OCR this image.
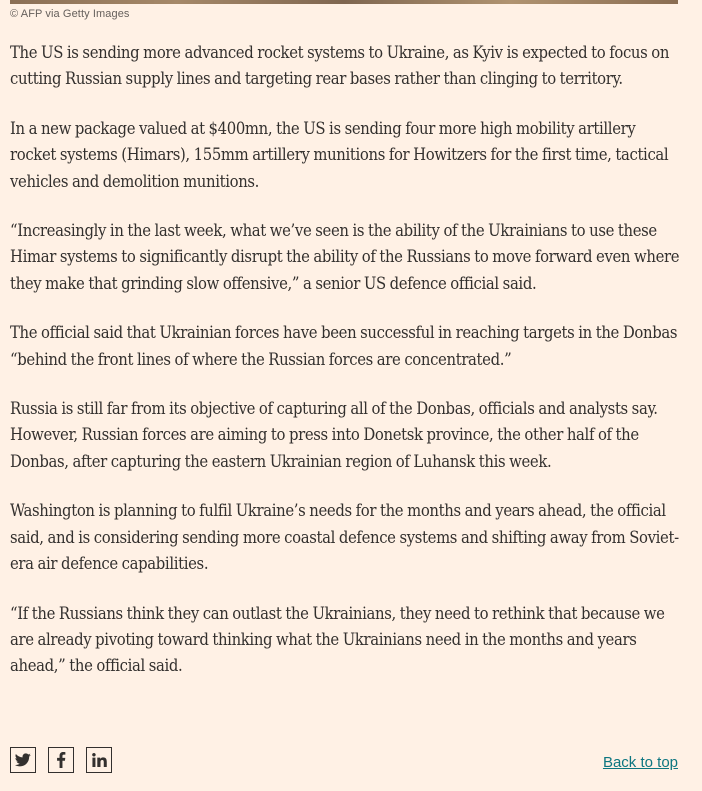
© AFP via Getty Images

The US is sending more advanced rocket systems to Ukraine, as Kyiv is expected to focus on cutting Russian supply lines and targeting rear bases rather than clinging to territory.

In a new package valued at $400mn, the US is sending four more high mobility artillery rocket systems (Himars), 155mm artillery munitions for Howitzers for the first time, tactical vehicles and demolition munitions.

“Increasingly in the last week, what we’ve seen is the ability of the Ukrainians to use these Himar systems to significantly disrupt the ability of the Russians to move forward even where they make that grinding slow offensive,” a senior US defence official said.

The official said that Ukrainian forces have been successful in reaching targets in the Donbas “behind the front lines of where the Russian forces are concentrated.”

Russia is still far from its objective of capturing all of the Donbas, officials and analysts say. However, Russian forces are aiming to press into Donetsk province, the other half of the Donbas, after capturing the eastern Ukrainian region of Luhansk this week.

Washington is planning to fulfil Ukraine’s needs for the months and years ahead, the official said, and is considering sending more coastal defence systems and shifting away from Soviet-era air defence capabilities.

“If the Russians think they can outlast the Ukrainians, they need to rethink that because we are already pivoting toward thinking what the Ukrainians need in the months and years ahead,” the official said.

Back to top
